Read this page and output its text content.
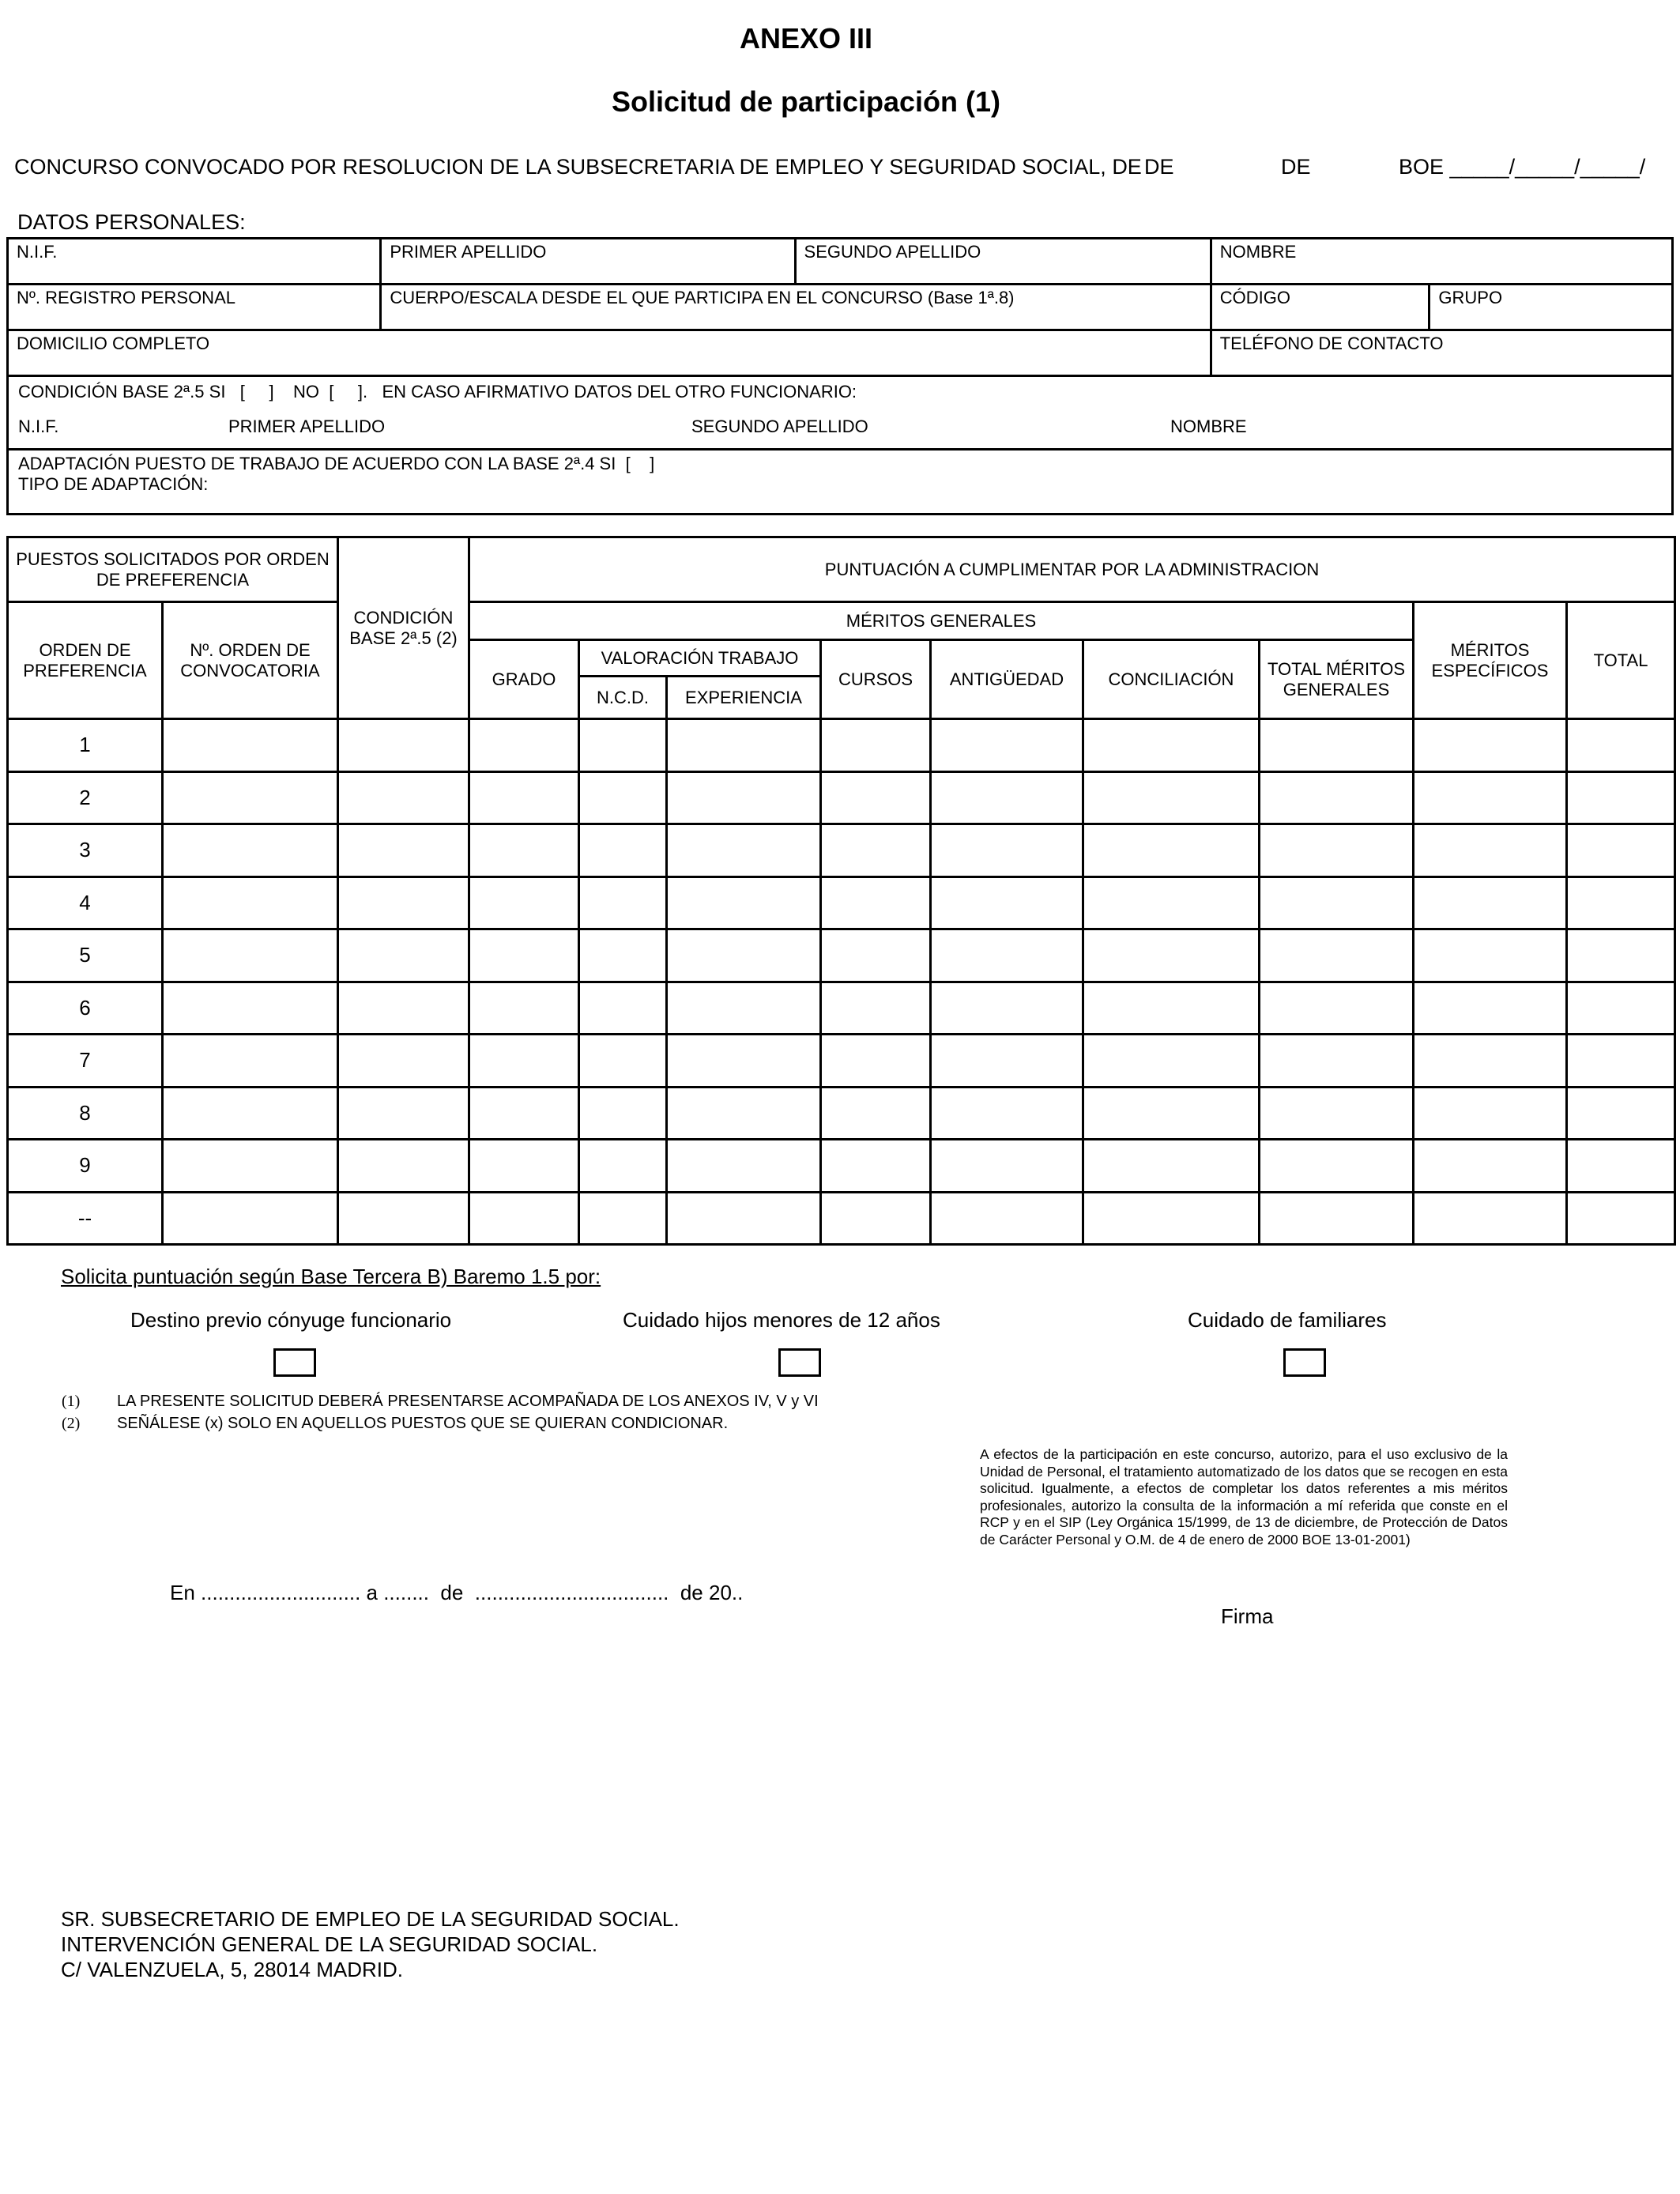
ANEXO III
Solicitud de participación (1)
CONCURSO CONVOCADO POR RESOLUCION DE LA SUBSECRETARIA DE EMPLEO Y SEGURIDAD SOCIAL, DE DE	DE	BOE _____/_____/_____/
DATOS PERSONALES:
N.I.F.	PRIMER APELLIDO	SEGUNDO APELLIDO	NOMBRE	
Nº. REGISTRO PERSONAL	CUERPO/ESCALA DESDE EL QUE PARTICIPA EN EL CONCURSO (Base 1ª.8)		CÓDIGO	GRUPO
DOMICILIO COMPLETO			TELÉFONO DE CONTACTO	

CONDICIÓN BASE 2ª.5 SI   [     ]    NO  [     ].   EN CASO AFIRMATIVO DATOS DEL OTRO FUNCIONARIO:
N.I.F. PRIMER APELLIDO SEGUNDO APELLIDO NOMBRE				

ADAPTACIÓN PUESTO DE TRABAJO DE ACUERDO CON LA BASE 2ª.4 SI  [    ]
TIPO DE ADAPTACIÓN:				
PUESTOS SOLICITADOS POR ORDEN DE PREFERENCIA		CONDICIÓN BASE 2ª.5 (2)	PUNTUACIÓN A CUMPLIMENTAR POR LA ADMINISTRACION								
ORDEN DE PREFERENCIA	Nº. ORDEN DE CONVOCATORIA		MÉRITOS GENERALES							MÉRITOS ESPECÍFICOS	TOTAL
			GRADO	VALORACIÓN TRABAJO		CURSOS	ANTIGÜEDAD	CONCILIACIÓN	TOTAL MÉRITOS GENERALES		
				N.C.D.	EXPERIENCIA						
1											
2											
3											
4											
5											
6											
7											
8											
9											
--											
Solicita puntuación según Base Tercera B) Baremo 1.5 por:
Destino previo cónyuge funcionario	Cuidado hijos menores de 12 años	Cuidado de familiares
(1) LA PRESENTE SOLICITUD DEBERÁ PRESENTARSE ACOMPAÑADA DE LOS ANEXOS IV, V y VI
(2) SEÑÁLESE (x) SOLO EN AQUELLOS PUESTOS QUE SE QUIERAN CONDICIONAR.
A efectos de la participación en este concurso, autorizo, para el uso exclusivo de la Unidad de Personal, el tratamiento automatizado de los datos que se recogen en esta solicitud. Igualmente, a efectos de completar los datos referentes a mis méritos profesionales, autorizo la consulta de la información a mí referida que conste en el RCP y en el SIP (Ley Orgánica 15/1999, de 13 de diciembre, de Protección de Datos de Carácter Personal y O.M. de 4 de enero de 2000 BOE 13-01-2001)
En ............................ a ........  de  ..................................  de 20..
Firma
SR. SUBSECRETARIO DE EMPLEO DE LA SEGURIDAD SOCIAL.
INTERVENCIÓN GENERAL DE LA SEGURIDAD SOCIAL.
C/ VALENZUELA, 5, 28014 MADRID.
